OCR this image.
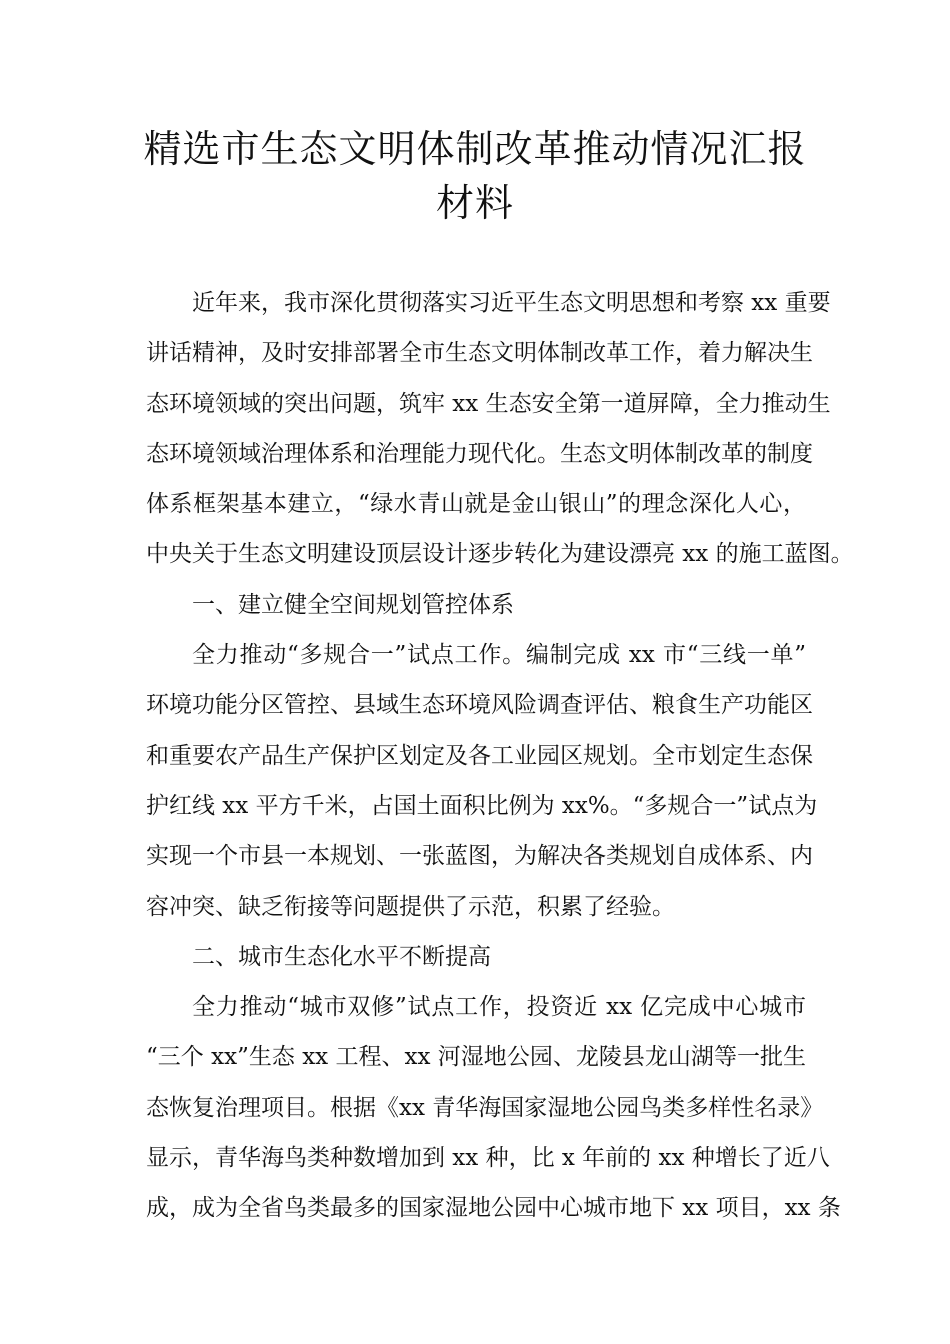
精选市生态文明体制改革推动情况汇报
材料
近年来，我市深化贯彻落实习近平生态文明思想和考察 xx 重要
讲话精神，及时安排部署全市生态文明体制改革工作，着力解决生
态环境领域的突出问题，筑牢 xx 生态安全第一道屏障，全力推动生
态环境领域治理体系和治理能力现代化。生态文明体制改革的制度
体系框架基本建立，“绿水青山就是金山银山”的理念深化人心，
中央关于生态文明建设顶层设计逐步转化为建设漂亮 xx 的施工蓝图。
一、建立健全空间规划管控体系
全力推动“多规合一”试点工作。编制完成 xx 市“三线一单”
环境功能分区管控、县域生态环境风险调查评估、粮食生产功能区
和重要农产品生产保护区划定及各工业园区规划。全市划定生态保
护红线 xx 平方千米，占国土面积比例为 xx%。“多规合一”试点为
实现一个市县一本规划、一张蓝图，为解决各类规划自成体系、内
容冲突、缺乏衔接等问题提供了示范，积累了经验。
二、城市生态化水平不断提高
全力推动“城市双修”试点工作，投资近 xx 亿完成中心城市
“三个 xx”生态 xx 工程、xx 河湿地公园、龙陵县龙山湖等一批生
态恢复治理项目。根据《xx 青华海国家湿地公园鸟类多样性名录》
显示，青华海鸟类种数增加到 xx 种，比 x 年前的 xx 种增长了近八
成，成为全省鸟类最多的国家湿地公园中心城市地下 xx 项目，xx 条
